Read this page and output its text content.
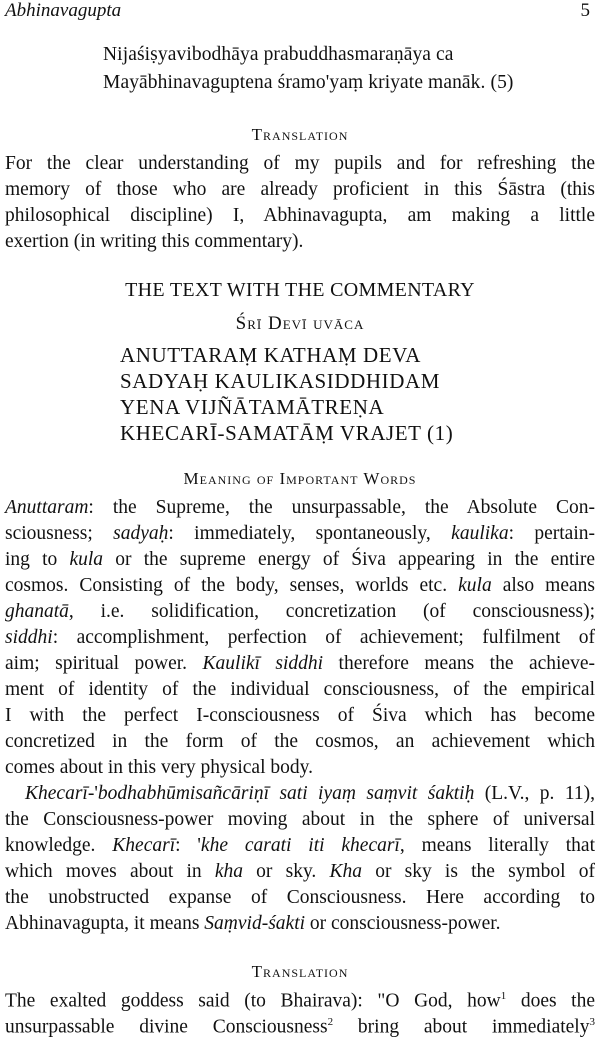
Abhinavagupta	5
Nijaśiṣyavibodhāya prabuddhasmaraṇāya ca
Mayābhinavaguptena śramo'yaṃ kriyate manāk. (5)
Translation
For the clear understanding of my pupils and for refreshing the
memory of those who are already proficient in this Śāstra (this
philosophical discipline) I, Abhinavagupta, am making a little
exertion (in writing this commentary).
THE TEXT WITH THE COMMENTARY
Śrī Devī uvāca
ANUTTARAṂ KATHAṂ DEVA
SADYAḤ KAULIKASIDDHIDAM
YENA VIJÑĀTAMĀTREṆA
KHECARĪ-SAMATĀṂ VRAJET (1)
Meaning of Important Words
Anuttaram: the Supreme, the unsurpassable, the Absolute Con-
sciousness; sadyaḥ: immediately, spontaneously, kaulika: pertain-
ing to kula or the supreme energy of Śiva appearing in the entire
cosmos. Consisting of the body, senses, worlds etc. kula also means
ghanatā, i.e. solidification, concretization (of consciousness);
siddhi: accomplishment, perfection of achievement; fulfilment of
aim; spiritual power. Kaulikī siddhi therefore means the achieve-
ment of identity of the individual consciousness, of the empirical
I with the perfect I-consciousness of Śiva which has become
concretized in the form of the cosmos, an achievement which
comes about in this very physical body.
Khecarī-'bodhabhūmisañcāriṇī sati iyaṃ saṃvit śaktiḥ (L.V., p. 11),
the Consciousness-power moving about in the sphere of universal
knowledge. Khecarī: 'khe carati iti khecarī, means literally that
which moves about in kha or sky. Kha or sky is the symbol of
the unobstructed expanse of Consciousness. Here according to
Abhinavagupta, it means Saṃvid-śakti or consciousness-power.
Translation
The exalted goddess said (to Bhairava): "O God, how$^1$ does the
unsurpassable divine Consciousness$^2$ bring about immediately$^3$
